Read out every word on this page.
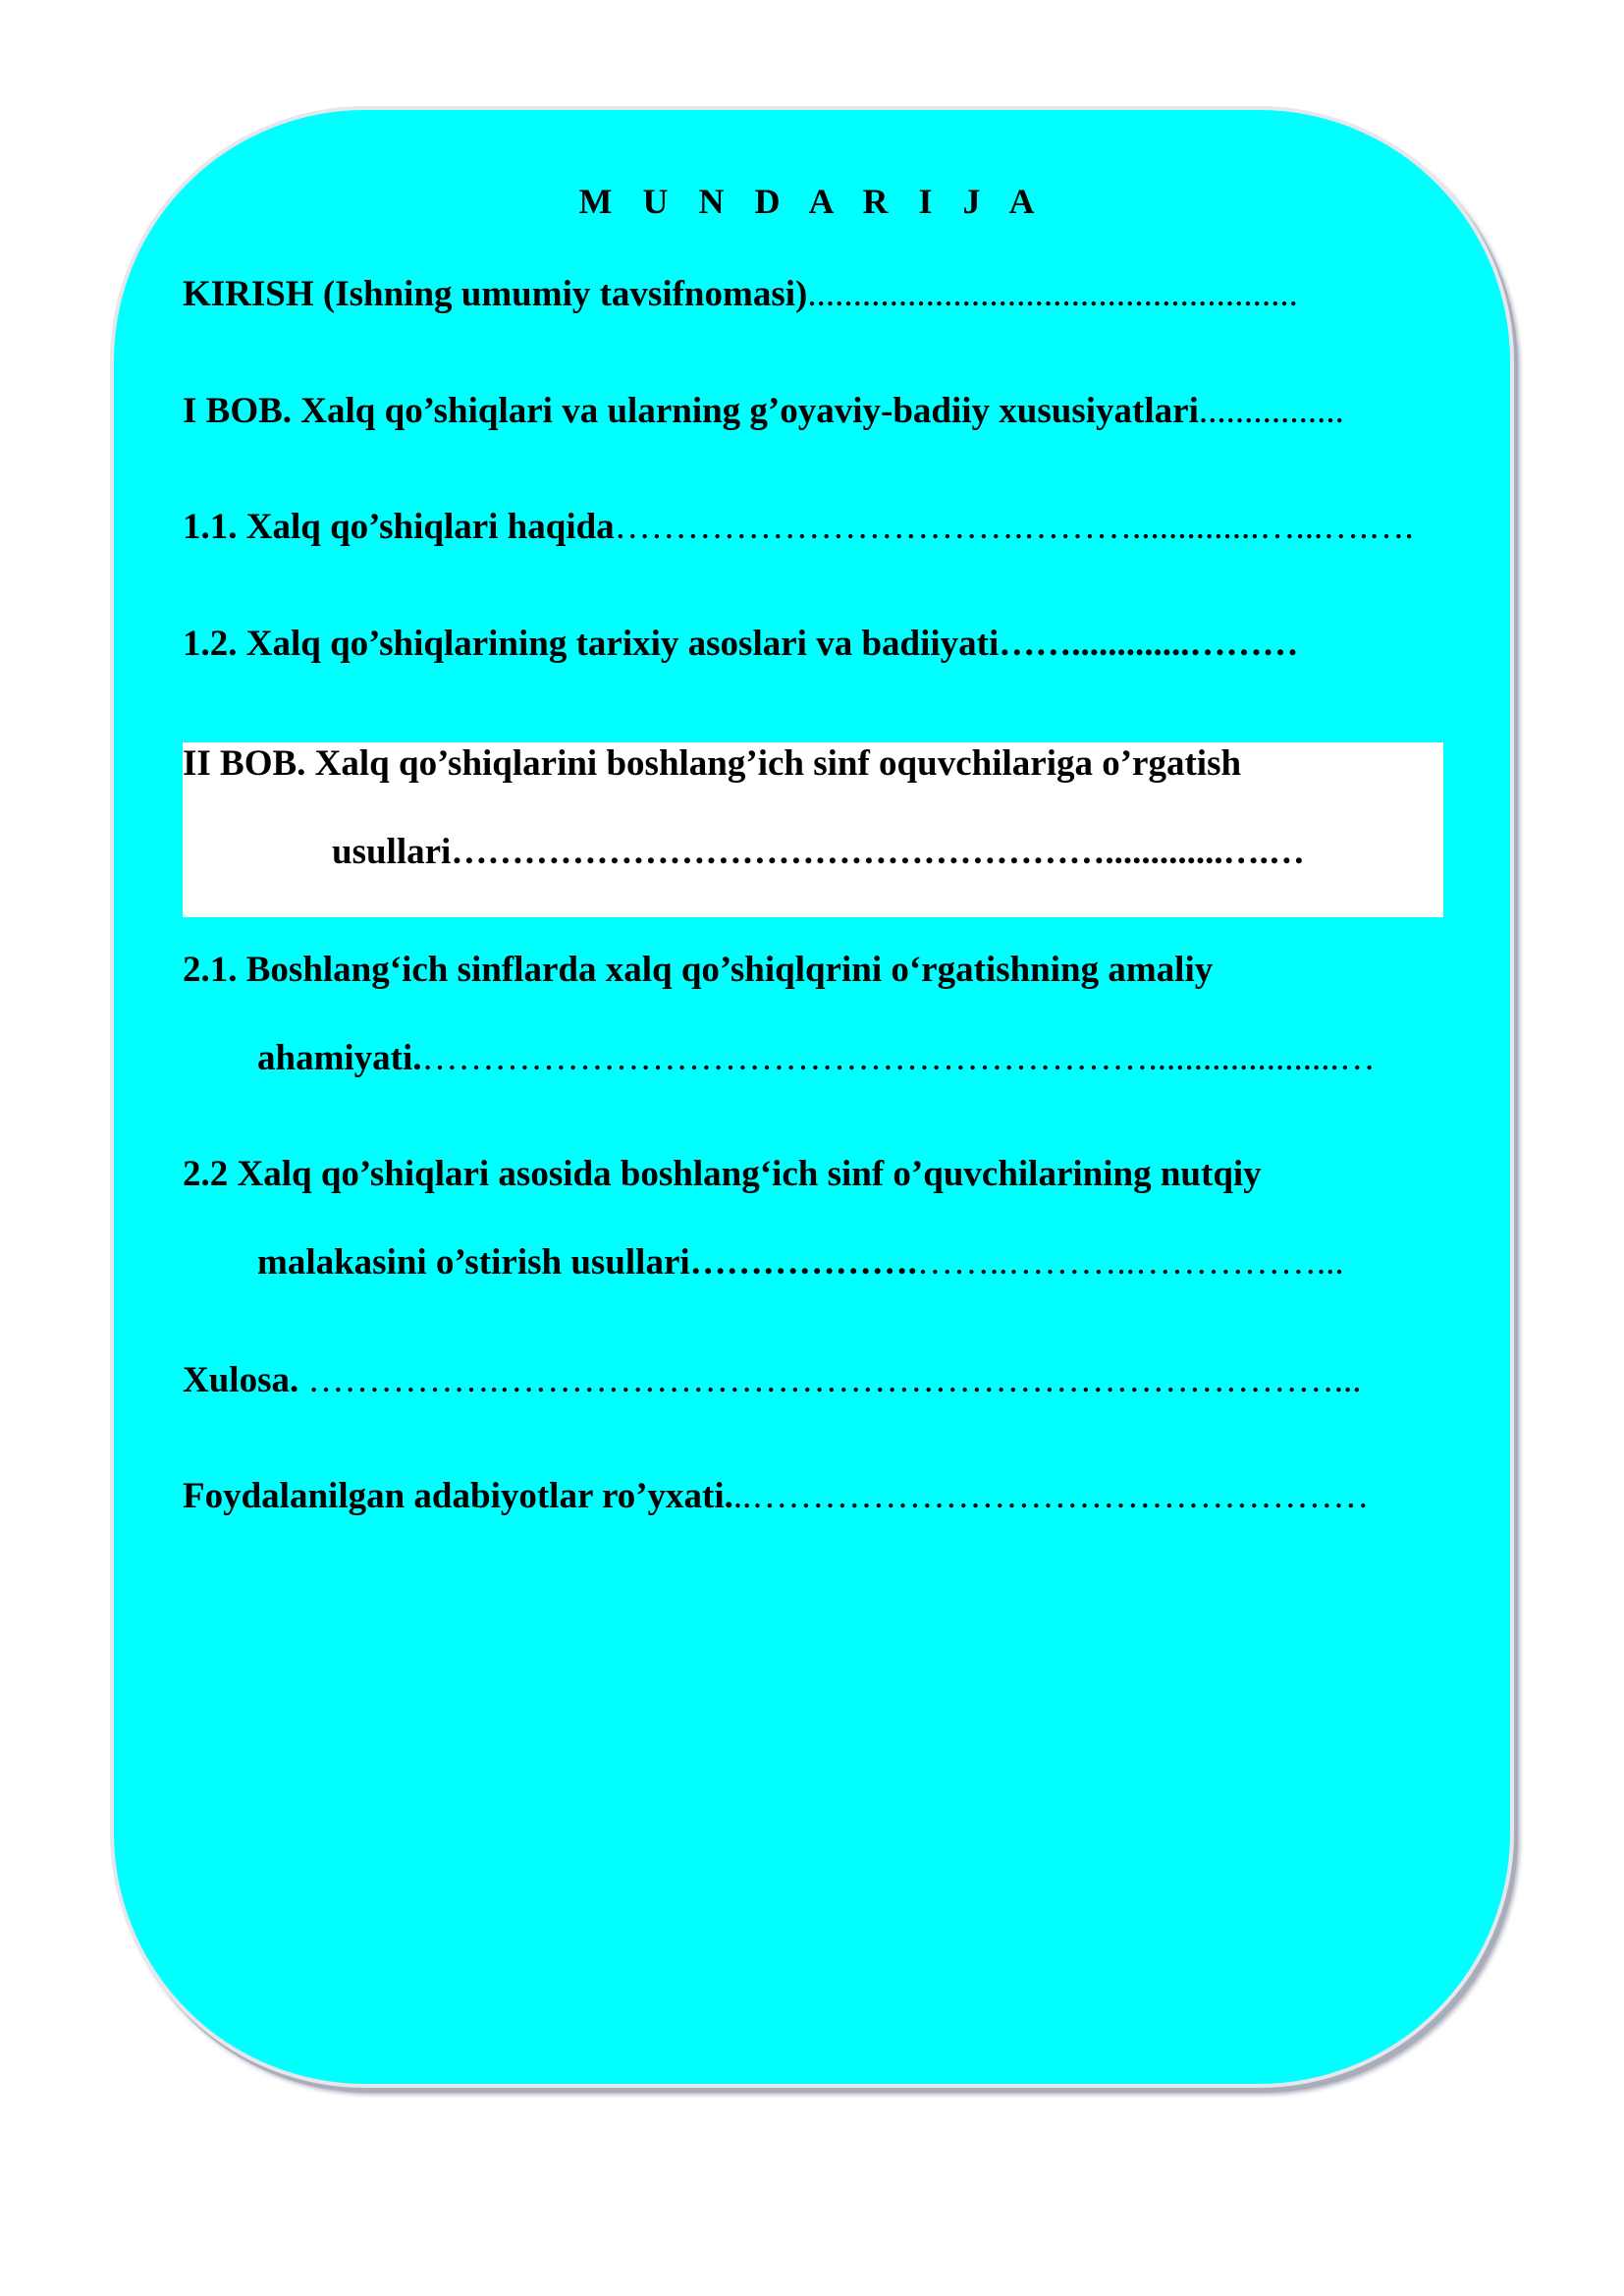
M U N D A R I J A
KIRISH (Ishning umumiy tavsifnomasi)......................................................
I BOB. Xalq qo’shiqlari va ularning g’oyaviy-badiiy xususiyatlari................
1.1. Xalq qo’shiqlari haqida…………………………….………..............…...….….
1.2. Xalq qo’shiqlarining tarixiy asoslari va badiiyati…….............………
II BOB. Xalq qo’shiqlarini boshlang’ich sinf oquvchilariga o’rgatish
usullari……………………………………………….............….…
2.1. Boshlang‘ich sinflarda xalq qo’shiqlqrini o‘rgatishning amaliy
ahamiyati.…………………………………………………….....................…
2.2 Xalq qo’shiqlari asosida boshlang‘ich sinf o’quvchilarining nutqiy
malakasini o’stirish usullari……………….……..………..……………...
Xulosa. …………….……………………………………………………………...
Foydalanilgan adabiyotlar ro’yxati...……………………………………………
